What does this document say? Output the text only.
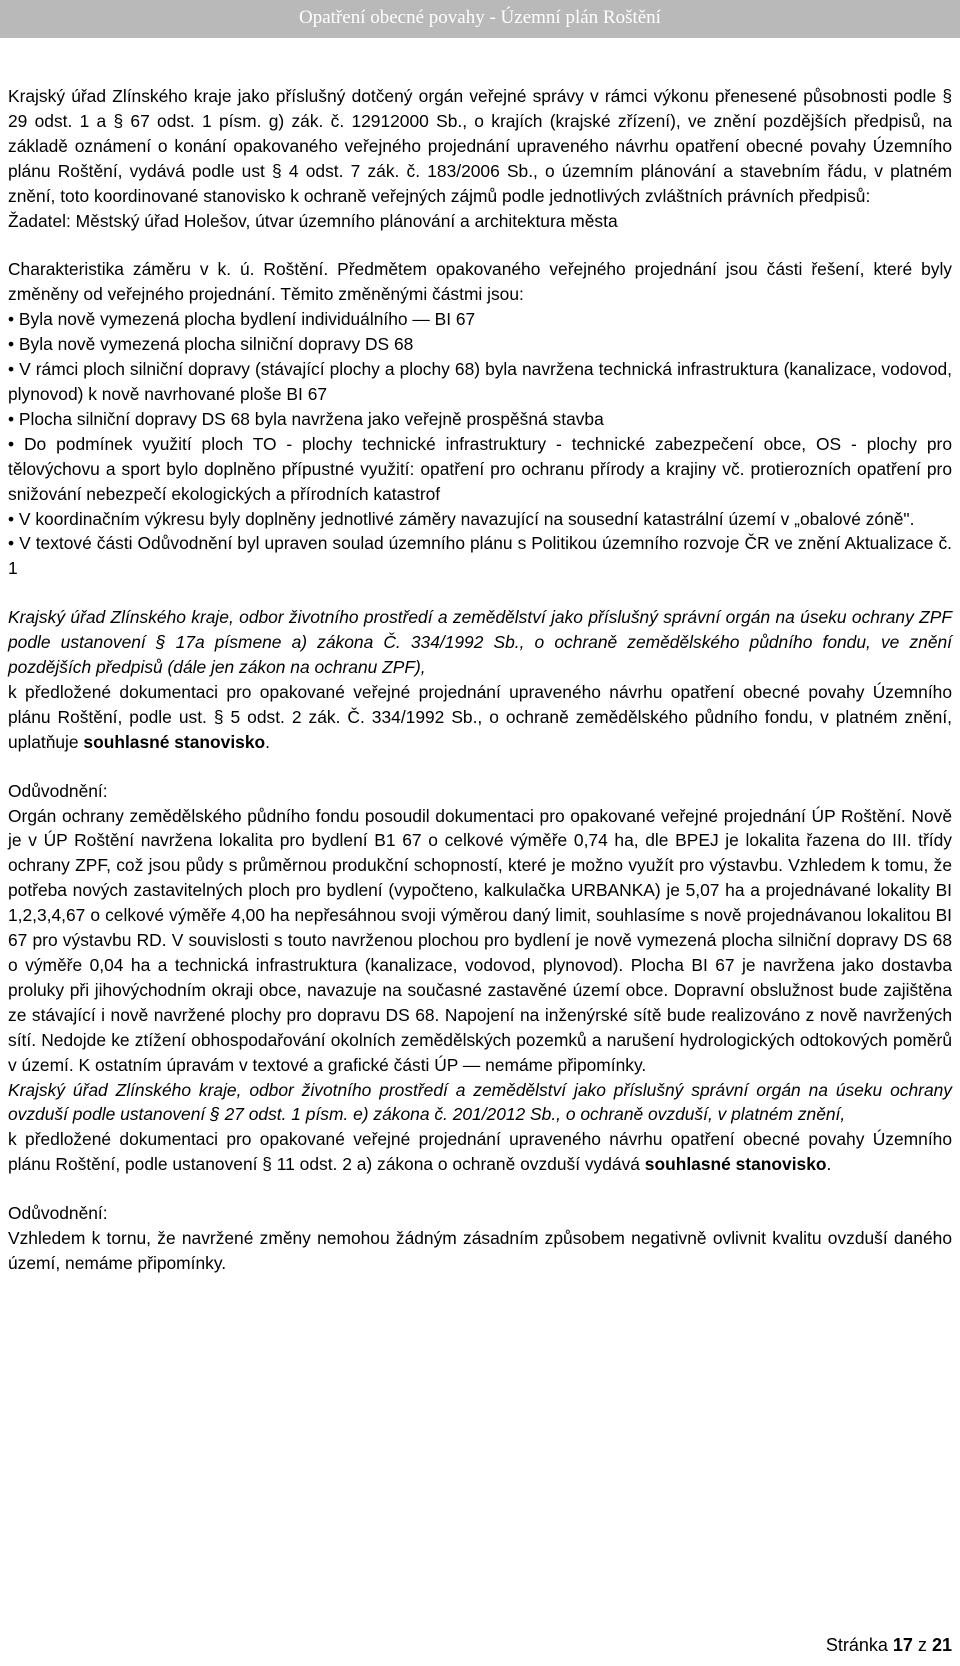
Opatření obecné povahy - Územní plán Roštění

Krajský úřad Zlínského kraje jako příslušný dotčený orgán veřejné správy v rámci výkonu přenesené působnosti podle § 29 odst. 1 a § 67 odst. 1 písm. g) zák. č. 12912000 Sb., o krajích (krajské zřízení), ve znění pozdějších předpisů, na základě oznámení o konání opakovaného veřejného projednání upraveného návrhu opatření obecné povahy Územního plánu Roštění, vydává podle ust § 4 odst. 7 zák. č. 183/2006 Sb., o územním plánování a stavebním řádu, v platném znění, toto koordinované stanovisko k ochraně veřejných zájmů podle jednotlivých zvláštních právních předpisů:

Žadatel: Městský úřad Holešov, útvar územního plánování a architektura města

Charakteristika záměru v k. ú. Roštění. Předmětem opakovaného veřejného projednání jsou části řešení, které byly změněny od veřejného projednání. Těmito změněnými částmi jsou:

• Byla nově vymezená plocha bydlení individuálního — BI 67

• Byla nově vymezená plocha silniční dopravy DS 68

• V rámci ploch silniční dopravy (stávající plochy a plochy 68) byla navržena technická infrastruktura (kanalizace, vodovod, plynovod) k nově navrhované ploše BI 67

• Plocha silniční dopravy DS 68 byla navržena jako veřejně prospěšná stavba

• Do podmínek využití ploch TO - plochy technické infrastruktury - technické zabezpečení obce, OS - plochy pro tělovýchovu a sport bylo doplněno přípustné využití: opatření pro ochranu přírody a krajiny vč. protierozních opatření pro snižování nebezpečí ekologických a přírodních katastrof

• V koordinačním výkresu byly doplněny jednotlivé záměry navazující na sousední katastrální území v „obalové zóně".

• V textové části Odůvodnění byl upraven soulad územního plánu s Politikou územního rozvoje ČR ve znění Aktualizace č. 1

Krajský úřad Zlínského kraje, odbor životního prostředí a zemědělství jako příslušný správní orgán na úseku ochrany ZPF podle ustanovení § 17a písmene a) zákona Č. 334/1992 Sb., o ochraně zemědělského půdního fondu, ve znění pozdějších předpisů (dále jen zákon na ochranu ZPF),

k předložené dokumentaci pro opakované veřejné projednání upraveného návrhu opatření obecné povahy Územního plánu Roštění, podle ust. § 5 odst. 2 zák. Č. 334/1992 Sb., o ochraně zemědělského půdního fondu, v platném znění, uplatňuje souhlasné stanovisko.

Odůvodnění:

Orgán ochrany zemědělského půdního fondu posoudil dokumentaci pro opakované veřejné projednání ÚP Roštění. Nově je v ÚP Roštění navržena lokalita pro bydlení B1 67 o celkové výměře 0,74 ha, dle BPEJ je lokalita řazena do III. třídy ochrany ZPF, což jsou půdy s průměrnou produkční schopností, které je možno využít pro výstavbu. Vzhledem k tomu, že potřeba nových zastavitelných ploch pro bydlení (vypočteno, kalkulačka URBANKA) je 5,07 ha a projednávané lokality BI 1,2,3,4,67 o celkové výměře 4,00 ha nepřesáhnou svoji výměrou daný limit, souhlasíme s nově projednávanou lokalitou BI 67 pro výstavbu RD. V souvislosti s touto navrženou plochou pro bydlení je nově vymezená plocha silniční dopravy DS 68 o výměře 0,04 ha a technická infrastruktura (kanalizace, vodovod, plynovod). Plocha BI 67 je navržena jako dostavba proluky při jihovýchodním okraji obce, navazuje na současné zastavěné území obce. Dopravní obslužnost bude zajištěna ze stávající i nově navržené plochy pro dopravu DS 68. Napojení na inženýrské sítě bude realizováno z nově navržených sítí. Nedojde ke ztížení obhospodařování okolních zemědělských pozemků a narušení hydrologických odtokových poměrů v území. K ostatním úpravám v textové a grafické části ÚP — nemáme připomínky.

Krajský úřad Zlínského kraje, odbor životního prostředí a zemědělství jako příslušný správní orgán na úseku ochrany ovzduší podle ustanovení § 27 odst. 1 písm. e) zákona č. 201/2012 Sb., o ochraně ovzduší, v platném znění,

k předložené dokumentaci pro opakované veřejné projednání upraveného návrhu opatření obecné povahy Územního plánu Roštění, podle ustanovení § 11 odst. 2 a) zákona o ochraně ovzduší vydává souhlasné stanovisko.

Odůvodnění:

Vzhledem k tornu, že navržené změny nemohou žádným zásadním způsobem negativně ovlivnit kvalitu ovzduší daného území, nemáme připomínky.

Stránka 17 z 21
